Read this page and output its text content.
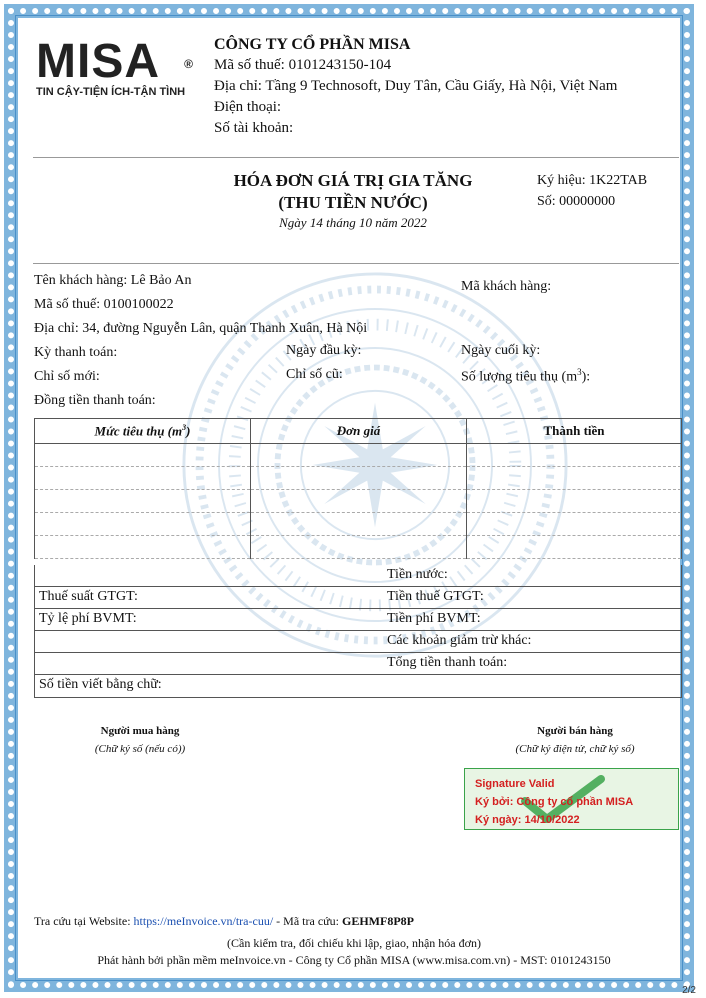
MISA ®
TIN CẬY-TIỆN ÍCH-TẬN TÌNH
CÔNG TY CỔ PHẦN MISA
Mã số thuế: 0101243150-104
Địa chỉ: Tầng 9 Technosoft, Duy Tân, Cầu Giấy, Hà Nội, Việt Nam
Điện thoại:
Số tài khoản:
HÓA ĐƠN GIÁ TRỊ GIA TĂNG
(THU TIỀN NƯỚC)
Ngày 14 tháng 10 năm 2022
Ký hiệu: 1K22TAB
Số: 00000000
Tên khách hàng: Lê Bảo An	Mã khách hàng:
Mã số thuế: 0100100022
Địa chỉ: 34, đường Nguyễn Lân, quận Thanh Xuân, Hà Nội
Kỳ thanh toán:	Ngày đầu kỳ:	Ngày cuối kỳ:
Chỉ số mới:	Chỉ số cũ:	Số lượng tiêu thụ $(m^3)$:
Đồng tiền thanh toán:
Mức tiêu thụ $(m^3)$	Đơn giá	Thành tiền

Tiền nước:
Thuế suất GTGT:	Tiền thuế GTGT:
Tỷ lệ phí BVMT:	Tiền phí BVMT:
Các khoản giảm trừ khác:
Tổng tiền thanh toán:
Số tiền viết bằng chữ:
Người mua hàng
(Chữ ký số (nếu có))
Người bán hàng
(Chữ ký điện tử, chữ ký số)
Signature Valid
Ký bởi: Công ty cổ phần MISA
Ký ngày: 14/10/2022
Tra cứu tại Website: https://meInvoice.vn/tra-cuu/ - Mã tra cứu: GEHMF8P8P
(Cần kiểm tra, đối chiếu khi lập, giao, nhận hóa đơn)
Phát hành bởi phần mềm meInvoice.vn - Công ty Cổ phần MISA (www.misa.com.vn) - MST: 0101243150
2/2
